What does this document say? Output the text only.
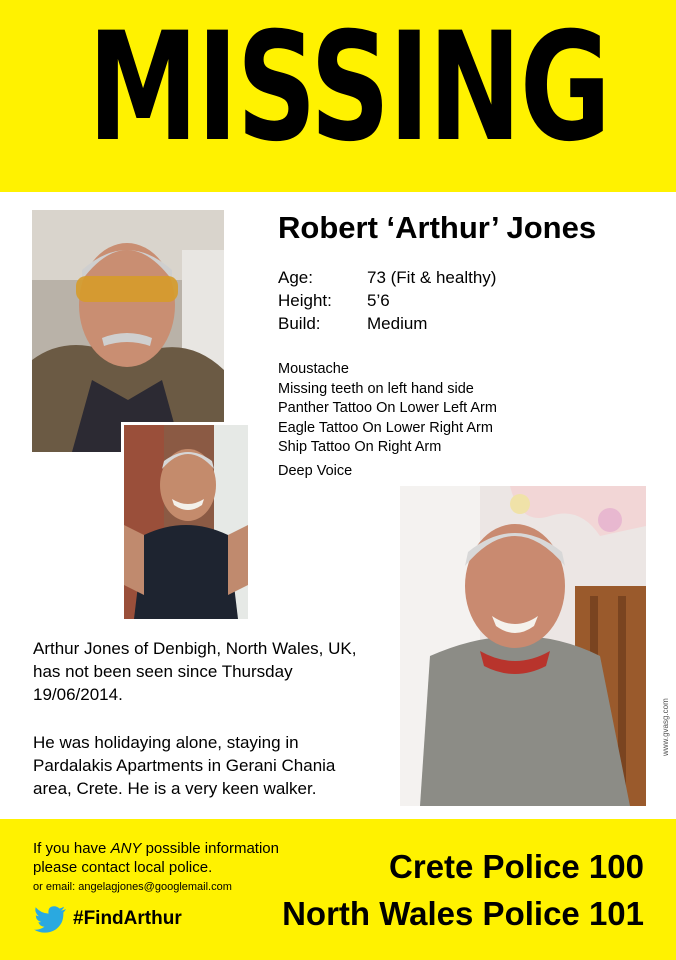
MISSING
Robert ‘Arthur’ Jones
Age:	73 (Fit & healthy)
Height:	5’6
Build:	Medium
Moustache
Missing teeth on left hand side
Panther Tattoo On Lower Left Arm
Eagle Tattoo On Lower Right Arm
Ship Tattoo On Right Arm
Deep Voice
Arthur Jones of Denbigh, North Wales, UK, has not been seen since Thursday 19/06/2014.
He was holidaying alone, staying in Pardalakis Apartments in Gerani Chania area, Crete. He is a very keen walker.
www.gvasg.com
If you have ANY possible information
please contact local police.
or email: angelagjones@googlemail.com
#FindArthur
Crete Police 100
North Wales Police 101
